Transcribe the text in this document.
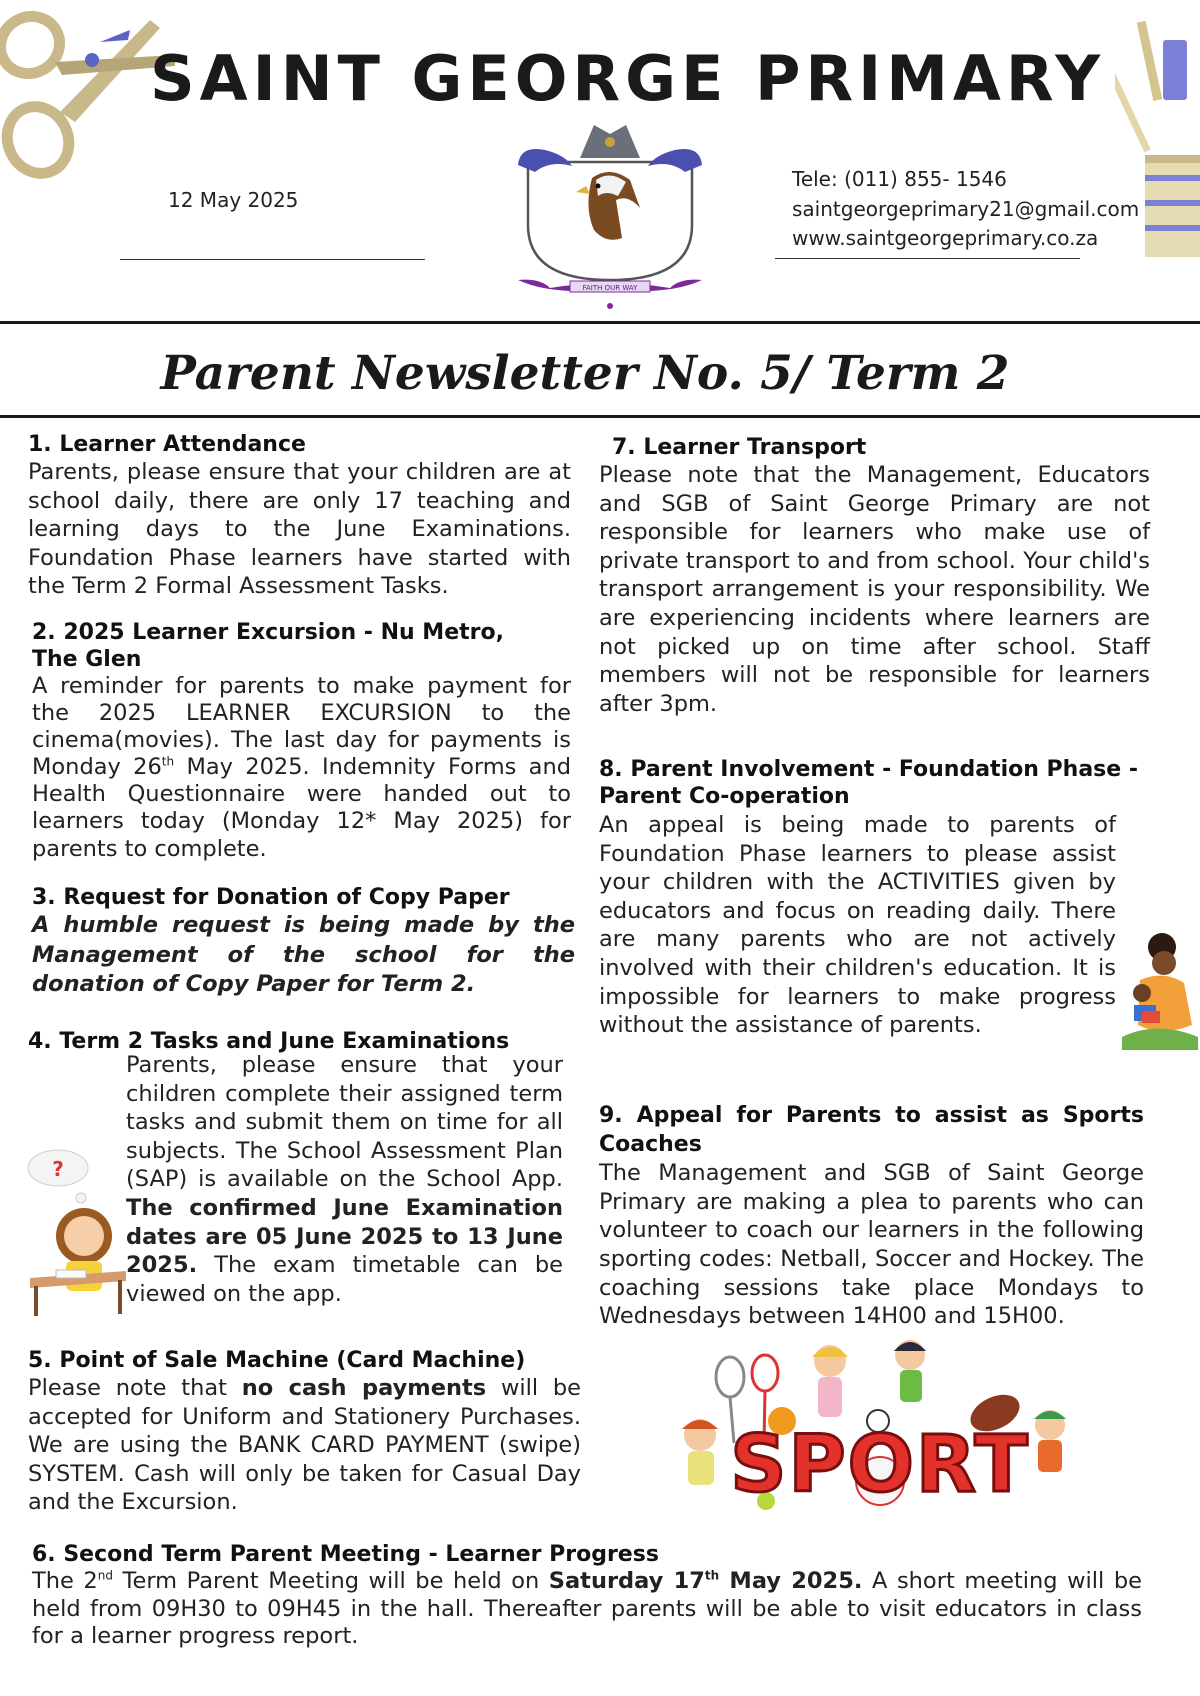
SAINT GEORGE PRIMARY
12 May 2025
FAITH OUR WAY
Tele: (011) 855- 1546
saintgeorgeprimary21@gmail.com
www.saintgeorgeprimary.co.za
Parent Newsletter No. 5/ Term 2
1. Learner Attendance
Parents, please ensure that your children are at school daily, there are only 17 teaching and learning days to the June Examinations. Foundation Phase learners have started with the Term 2 Formal Assessment Tasks.
2. 2025 Learner Excursion - Nu Metro,
The Glen
A reminder for parents to make payment for the 2025 LEARNER EXCURSION to the cinema(movies). The last day for payments is Monday 26th May 2025. Indemnity Forms and Health Questionnaire were handed out to learners today (Monday 12* May 2025) for parents to complete.
3. Request for Donation of Copy Paper
A humble request is being made by the Management of the school for the donation of Copy Paper for Term 2.
4. Term 2 Tasks and June Examinations
Parents, please ensure that your children complete their assigned term tasks and submit them on time for all subjects. The School Assessment Plan (SAP) is available on the School App. The confirmed June Examination dates are 05 June 2025 to 13 June 2025. The exam timetable can be viewed on the app.
?
5. Point of Sale Machine (Card Machine)
Please note that no cash payments will be accepted for Uniform and Stationery Purchases. We are using the BANK CARD PAYMENT (swipe) SYSTEM. Cash will only be taken for Casual Day and the Excursion.
6. Second Term Parent Meeting - Learner Progress
The 2nd Term Parent Meeting will be held on Saturday 17th May 2025. A short meeting will be held from 09H30 to 09H45 in the hall. Thereafter parents will be able to visit educators in class for a learner progress report.
7. Learner Transport
Please note that the Management, Educators and SGB of Saint George Primary are not responsible for learners who make use of private transport to and from school. Your child's transport arrangement is your responsibility. We are experiencing incidents where learners are not picked up on time after school. Staff members will not be responsible for learners after 3pm.
8. Parent Involvement - Foundation Phase -
Parent Co-operation
An appeal is being made to parents of Foundation Phase learners to please assist your children with the ACTIVITIES given by educators and focus on reading daily. There are many parents who are not actively involved with their children's education. It is impossible for learners to make progress without the assistance of parents.
9. Appeal for Parents to assist as Sports Coaches
The Management and SGB of Saint George Primary are making a plea to parents who can volunteer to coach our learners in the following sporting codes: Netball, Soccer and Hockey. The coaching sessions take place Mondays to Wednesdays between 14H00 and 15H00.
SPORT
